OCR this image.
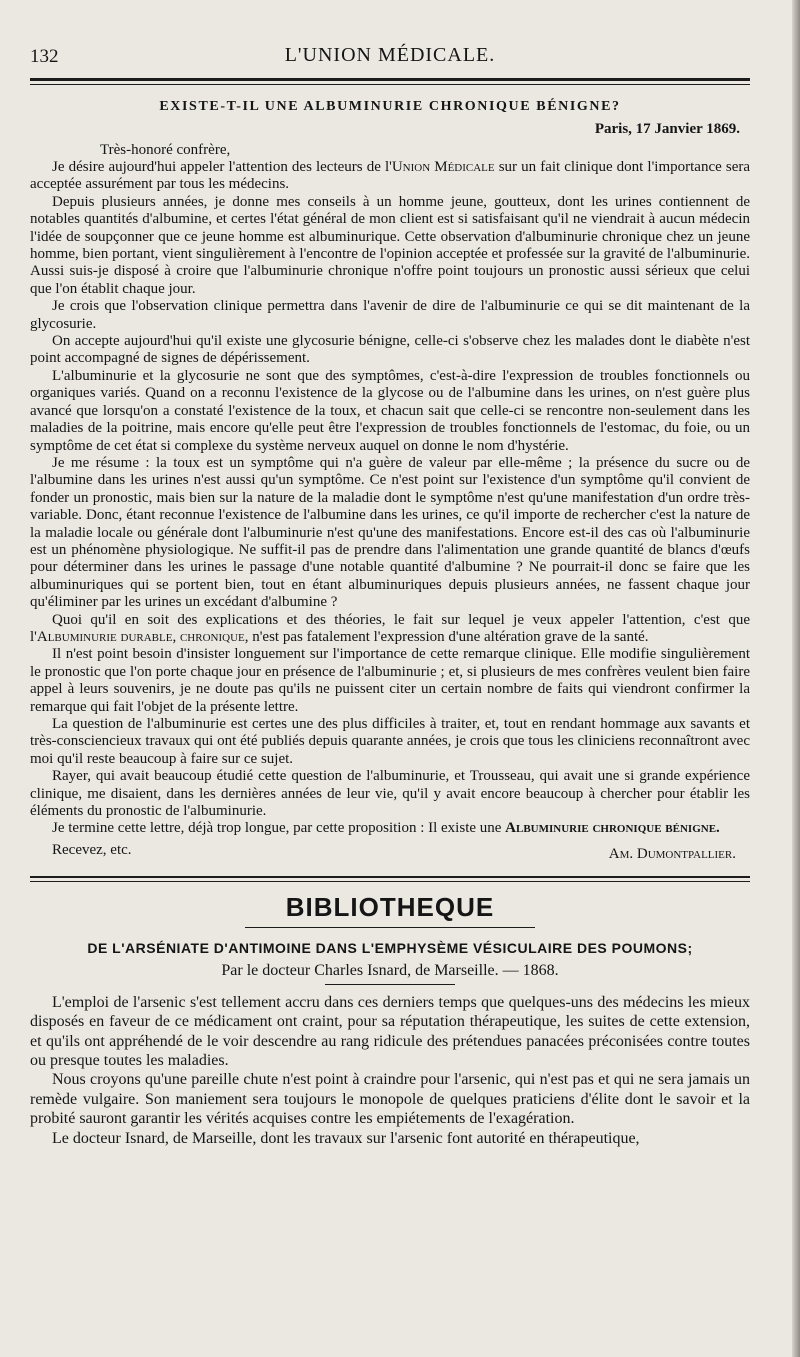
132	L'UNION MÉDICALE.
EXISTE-T-IL UNE ALBUMINURIE CHRONIQUE BÉNIGNE?
Paris, 17 Janvier 1869.
Très-honoré confrère,

Je désire aujourd'hui appeler l'attention des lecteurs de l'Union Médicale sur un fait clinique dont l'importance sera acceptée assurément par tous les médecins.

Depuis plusieurs années, je donne mes conseils à un homme jeune, goutteux, dont les urines contiennent de notables quantités d'albumine, et certes l'état général de mon client est si satisfaisant qu'il ne viendrait à aucun médecin l'idée de soupçonner que ce jeune homme est albuminurique. Cette observation d'albuminurie chronique chez un jeune homme, bien portant, vient singulièrement à l'encontre de l'opinion acceptée et professée sur la gravité de l'albuminurie. Aussi suis-je disposé à croire que l'albuminurie chronique n'offre point toujours un pronostic aussi sérieux que celui que l'on établit chaque jour.

Je crois que l'observation clinique permettra dans l'avenir de dire de l'albuminurie ce qui se dit maintenant de la glycosurie.

On accepte aujourd'hui qu'il existe une glycosurie bénigne, celle-ci s'observe chez les malades dont le diabète n'est point accompagné de signes de dépérissement.

L'albuminurie et la glycosurie ne sont que des symptômes, c'est-à-dire l'expression de troubles fonctionnels ou organiques variés. Quand on a reconnu l'existence de la glycose ou de l'albumine dans les urines, on n'est guère plus avancé que lorsqu'on a constaté l'existence de la toux, et chacun sait que celle-ci se rencontre non-seulement dans les maladies de la poitrine, mais encore qu'elle peut être l'expression de troubles fonctionnels de l'estomac, du foie, ou un symptôme de cet état si complexe du système nerveux auquel on donne le nom d'hystérie.

Je me résume : la toux est un symptôme qui n'a guère de valeur par elle-même ; la présence du sucre ou de l'albumine dans les urines n'est aussi qu'un symptôme. Ce n'est point sur l'existence d'un symptôme qu'il convient de fonder un pronostic, mais bien sur la nature de la maladie dont le symptôme n'est qu'une manifestation d'un ordre très-variable. Donc, étant reconnue l'existence de l'albumine dans les urines, ce qu'il importe de rechercher c'est la nature de la maladie locale ou générale dont l'albuminurie n'est qu'une des manifestations. Encore est-il des cas où l'albuminurie est un phénomène physiologique. Ne suffit-il pas de prendre dans l'alimentation une grande quantité de blancs d'œufs pour déterminer dans les urines le passage d'une notable quantité d'albumine ? Ne pourrait-il donc se faire que les albuminuriques qui se portent bien, tout en étant albuminuriques depuis plusieurs années, ne fassent chaque jour qu'éliminer par les urines un excédant d'albumine ?

Quoi qu'il en soit des explications et des théories, le fait sur lequel je veux appeler l'attention, c'est que l'Albuminurie durable, chronique, n'est pas fatalement l'expression d'une altération grave de la santé.

Il n'est point besoin d'insister longuement sur l'importance de cette remarque clinique. Elle modifie singulièrement le pronostic que l'on porte chaque jour en présence de l'albuminurie ; et, si plusieurs de mes confrères veulent bien faire appel à leurs souvenirs, je ne doute pas qu'ils ne puissent citer un certain nombre de faits qui viendront confirmer la remarque qui fait l'objet de la présente lettre.

La question de l'albuminurie est certes une des plus difficiles à traiter, et, tout en rendant hommage aux savants et très-consciencieux travaux qui ont été publiés depuis quarante années, je crois que tous les cliniciens reconnaîtront avec moi qu'il reste beaucoup à faire sur ce sujet.

Rayer, qui avait beaucoup étudié cette question de l'albuminurie, et Trousseau, qui avait une si grande expérience clinique, me disaient, dans les dernières années de leur vie, qu'il y avait encore beaucoup à chercher pour établir les éléments du pronostic de l'albuminurie.

Je termine cette lettre, déjà trop longue, par cette proposition : Il existe une Albuminurie chronique bénigne.

Recevez, etc.	Am. Dumontpallier.
BIBLIOTHEQUE
DE L'ARSÉNIATE D'ANTIMOINE DANS L'EMPHYSÈME VÉSICULAIRE DES POUMONS;
Par le docteur Charles Isnard, de Marseille. — 1868.

L'emploi de l'arsenic s'est tellement accru dans ces derniers temps que quelques-uns des médecins les mieux disposés en faveur de ce médicament ont craint, pour sa réputation thérapeutique, les suites de cette extension, et qu'ils ont appréhendé de le voir descendre au rang ridicule des prétendues panacées préconisées contre toutes ou presque toutes les maladies.

Nous croyons qu'une pareille chute n'est point à craindre pour l'arsenic, qui n'est pas et qui ne sera jamais un remède vulgaire. Son maniement sera toujours le monopole de quelques praticiens d'élite dont le savoir et la probité sauront garantir les vérités acquises contre les empiétements de l'exagération.

Le docteur Isnard, de Marseille, dont les travaux sur l'arsenic font autorité en thérapeutique,
